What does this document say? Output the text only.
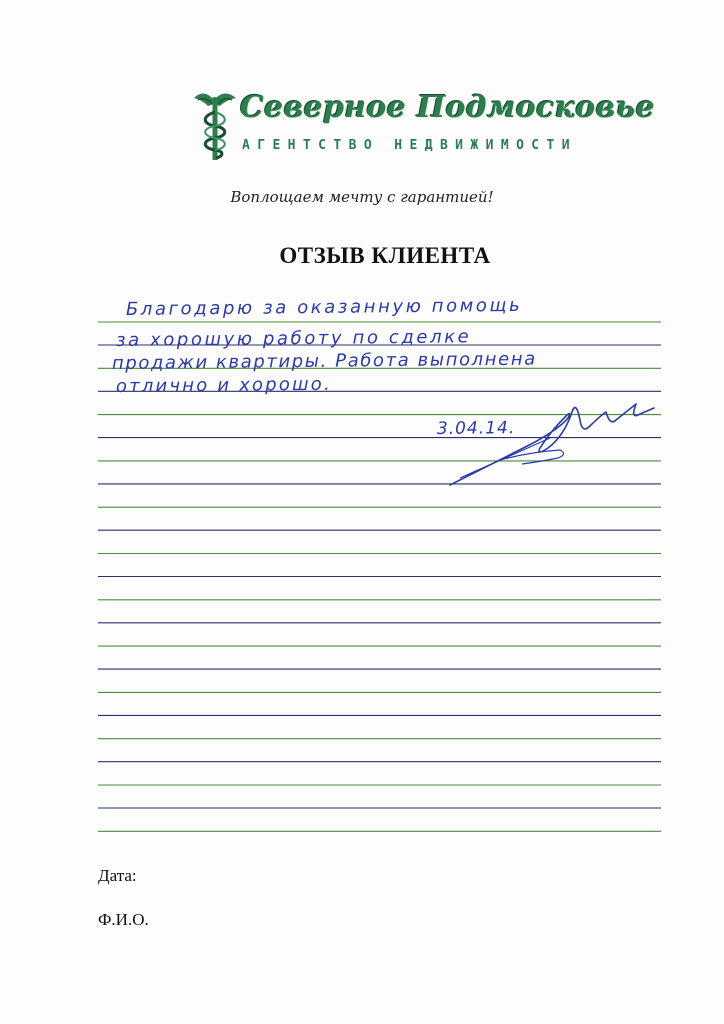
Северное Подмосковье
АГЕНТСТВО НЕДВИЖИМОСТИ
Воплощаем мечту с гарантией!
ОТЗЫВ КЛИЕНТА
Благодарю за оказанную помощь
за хорошую работу по сделке
продажи квартиры. Работа выполнена
отлично и хорошо.
3.04.14.
Дата:
Ф.И.О.
